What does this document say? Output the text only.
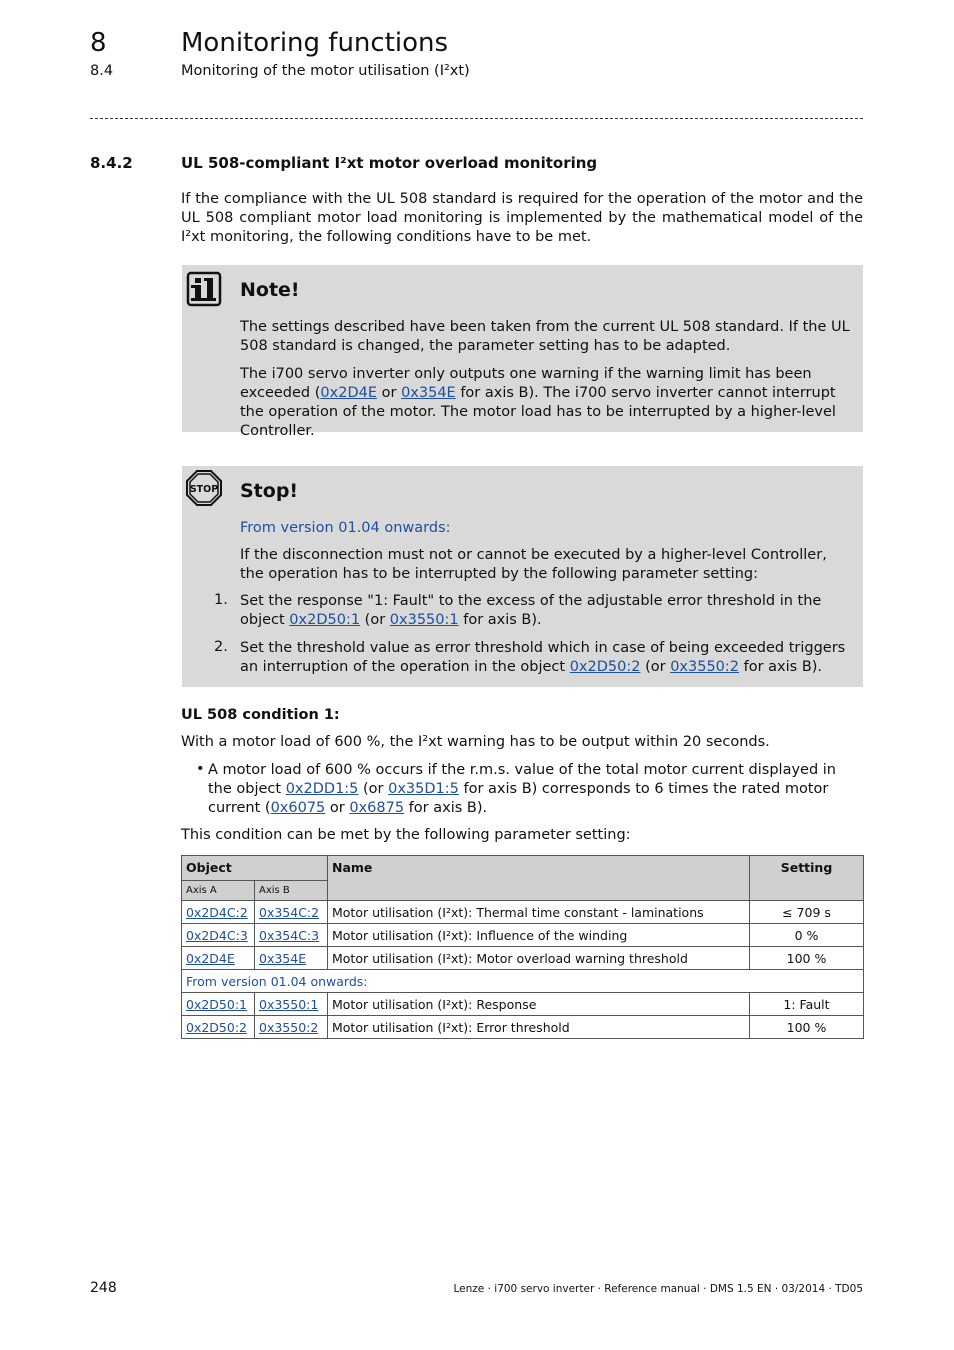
8	Monitoring functions
8.4	Monitoring of the motor utilisation (I²xt)
8.4.2	UL 508-compliant I²xt motor overload monitoring
If the compliance with the UL 508 standard is required for the operation of the motor and the UL 508 compliant motor load monitoring is implemented by the mathematical model of the I²xt monitoring, the following conditions have to be met.
Note!
The settings described have been taken from the current UL 508 standard. If the UL 508 standard is changed, the parameter setting has to be adapted.
The i700 servo inverter only outputs one warning if the warning limit has been exceeded (0x2D4E or 0x354E for axis B). The i700 servo inverter cannot interrupt the operation of the motor. The motor load has to be interrupted by a higher-level Controller.
STOP Stop!
From version 01.04 onwards:
If the disconnection must not or cannot be executed by a higher-level Controller, the operation has to be interrupted by the following parameter setting:
1. Set the response "1: Fault" to the excess of the adjustable error threshold in the object 0x2D50:1 (or 0x3550:1 for axis B).
2. Set the threshold value as error threshold which in case of being exceeded triggers an interruption of the operation in the object 0x2D50:2 (or 0x3550:2 for axis B).
UL 508 condition 1:
With a motor load of 600 %, the I²xt warning has to be output within 20 seconds.
• A motor load of 600 % occurs if the r.m.s. value of the total motor current displayed in the object 0x2DD1:5 (or 0x35D1:5 for axis B) corresponds to 6 times the rated motor current (0x6075 or 0x6875 for axis B).
This condition can be met by the following parameter setting:
Object		Name	Setting
Axis A	Axis B		
0x2D4C:2	0x354C:2	Motor utilisation (I²xt): Thermal time constant - laminations	≤ 709 s
0x2D4C:3	0x354C:3	Motor utilisation (I²xt): Influence of the winding	0 %
0x2D4E	0x354E	Motor utilisation (I²xt): Motor overload warning threshold	100 %
From version 01.04 onwards:			
0x2D50:1	0x3550:1	Motor utilisation (I²xt): Response	1: Fault
0x2D50:2	0x3550:2	Motor utilisation (I²xt): Error threshold	100 %
248	Lenze · i700 servo inverter · Reference manual · DMS 1.5 EN · 03/2014 · TD05
